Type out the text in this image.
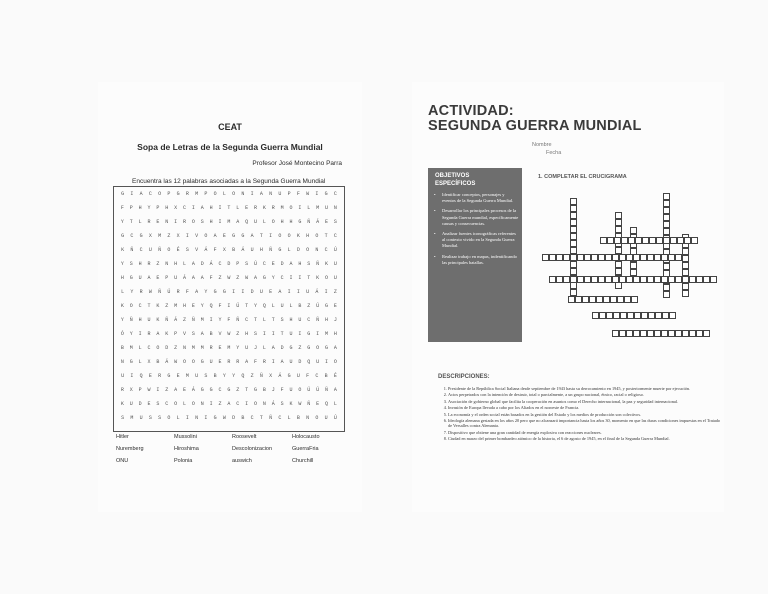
CEAT
Sopa de Letras de la Segunda Guerra Mundial
Profesor José Montecino Parra
Encuentra las 12 palabras asociadas a la Segunda Guerra Mundial
G	I	A	C	O	P	G	R	M	P	O	L	O	N	I	A	N	U	P	F	W	I	G	C
F	P	H	Y	P	H	X	C	I	A	H	I	T	L	E	R	K	R	M	O	I	L	M	U	N
Y	T	L	R	E	N	I	R	O	S	H	I	M	A	Q	U	L	O	H	H	G	Ñ	Á	E	S
G	C	G	X	M	Z	X	I	V	O	A	E	G	G	A	T	I	O	O	K	H	O	T	C
K	Ñ	C	U	Ñ	O	É	S	V	Á	F	X	B	Á	U	H	Ñ	G	L	D	O	N	C	Ú
Y	S	H	R	Z	N	H	L	A	D	Á	C	D	P	S	Ú	C	E	D	A	H	S	Ñ	K	U
H	G	U	A	E	P	U	Á	A	A	F	Z	W	Z	W	A	G	Y	C	I	I	T	K	O	U
L	Y	R	W	Ñ	Ú	R	F	A	Y	G	G	I	I	D	U	E	A	I	I	U	Á	I	Z
K	O	C	T	K	Z	M	H	E	Y	Q	F	I	Ü	T	Y	Q	L	U	L	B	Z	Ú	G	E
Y	Ñ	H	U	K	Ñ	Á	Z	Ñ	M	I	Y	F	Ñ	C	T	L	T	S	H	U	C	Ñ	H	J
Ó	Y	I	R	A	K	P	V	S	A	B	V	W	Z	H	S	I	I	T	U	I	G	I	M	H
B	M	L	C	O	D	Z	N	M	M	R	E	M	Y	U	J	L	A	D	G	Z	G	O	G	A
N	G	L	X	B	Á	W	O	O	G	U	E	R	R	A	F	R	I	A	U	D	Q	U	I	O
U	I	Q	E	R	G	E	M	U	S	B	Y	Y	Q	Z	Ñ	X	Á	G	U	F	C	B	É
R	X	P	W	I	Z	A	E	Á	G	G	C	G	Z	T	G	B	J	F	U	O	Ú	Ú	Ñ	A
K	U	D	E	S	C	O	L	O	N	I	Z	A	C	I	O	N	Á	S	K	W	Ñ	E	Q	L
S	M	U	S	S	O	L	I	N	I	G	W	D	B	C	T	Ñ	C	L	B	N	O	U	Ú
Hitler	Mussolini	Roosevelt	Holocausto
Nuremberg	Hiroshima	Descolonizacion	GuerraFria
ONU	Polonia	auswich	Churchill
ACTIVIDAD:
SEGUNDA GUERRA MUNDIAL
Nombre
Fecha
OBJETIVOS
ESPECÍFICOS
• Identificar conceptos, personajes y eventos de la Segunda Guerra Mundial.
• Desarrollar los principales procesos de la Segunda Guerra mundial, específicamente causas y consecuencias.
• Analizar fuentes iconográficas referentes al contexto vivido en la Segunda Guerra Mundial.
• Realizar trabajo en mapas, indentificando las principales batallas.
1. COMPLETAR EL CRUCIGRAMA
DESCRIPCIONES:
1. Presidente de la República Social Italiana desde septiembre de 1943 hasta su derrocamiento en 1945, y posteriormente muerte por ejecución.
2. Actos perpetrados con la intención de destruir, total o parcialmente, a un grupo nacional, étnico, racial o religioso.
3. Asociación de gobierno global que facilita la cooperación en asuntos como el Derecho internacional, la paz y seguridad internacional.
4. Invasión de Europa llevada a cabo por los Aliados en el noroeste de Francia.
5. La economía y el orden social están basados en la gestión del Estado y los medios de producción son colectivos.
6. Ideología alemana gestada en los años 20 pero que no alcanzará importancia hasta los años 30, momento en que las duras condiciones impuestas en el Tratado de Versalles contra Alemania.
7. Dispositivo que obtiene una gran cantidad de energía explosiva con reacciones nucleares.
8. Ciudad en marzo del primer bombardeo atómico de la historia, el 6 de agosto de 1945, en el final de la Segunda Guerra Mundial.
